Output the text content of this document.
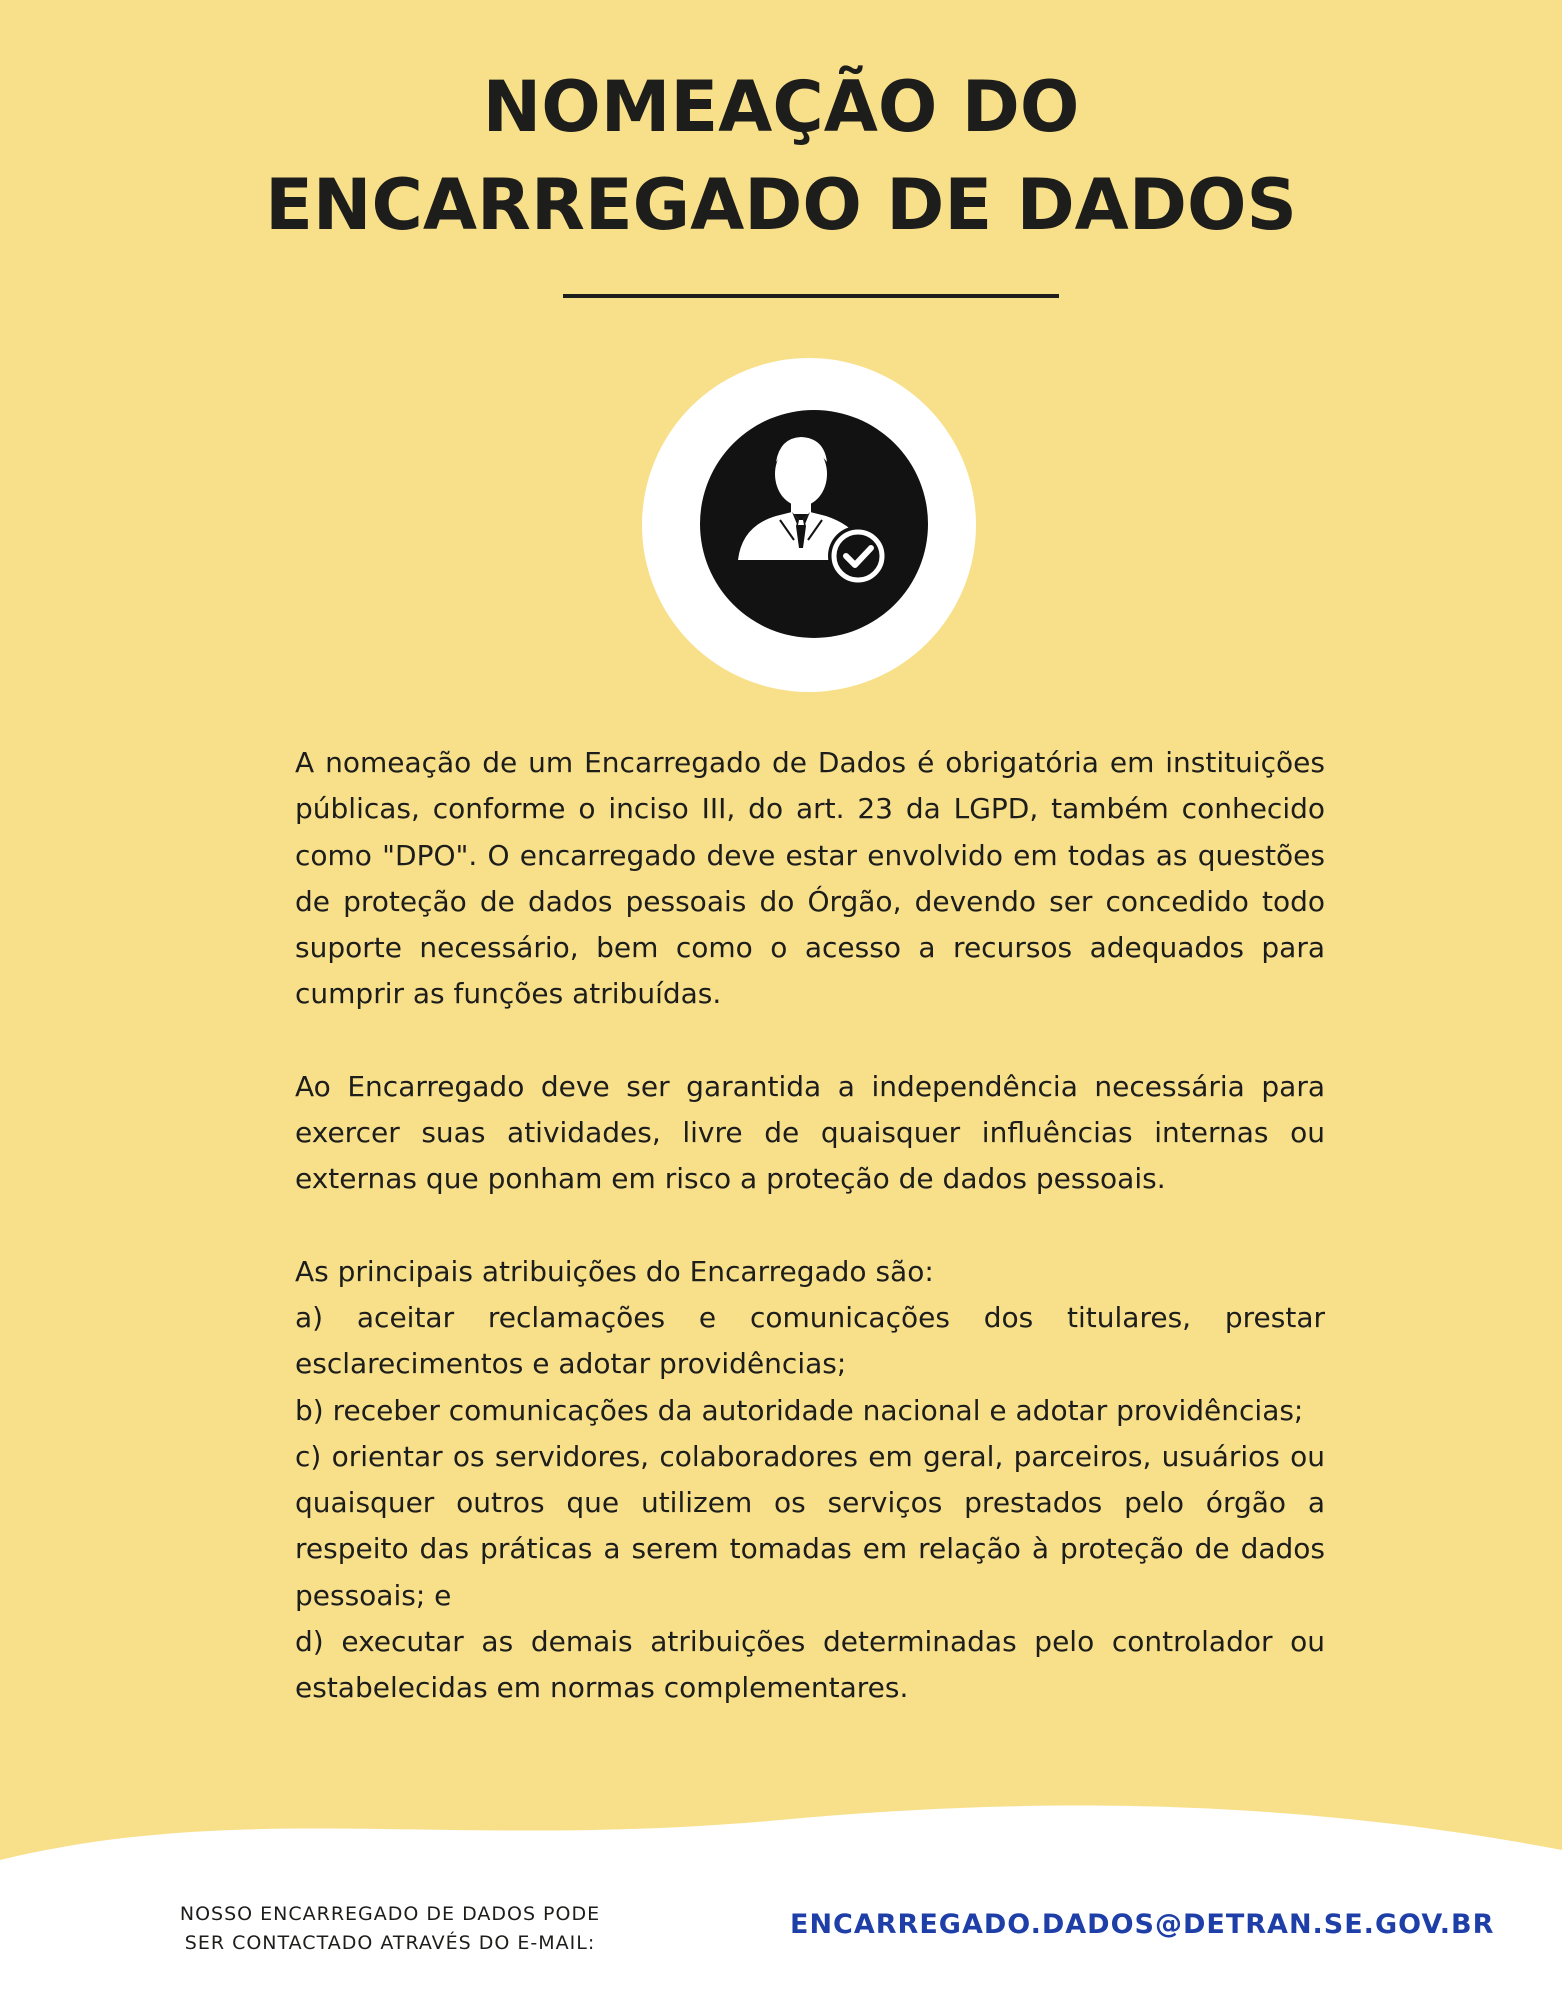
NOMEAÇÃO DO
ENCARREGADO DE DADOS

A nomeação de um Encarregado de Dados é obrigatória em instituições públicas, conforme o inciso III, do art. 23 da LGPD, também conhecido como "DPO". O encarregado deve estar envolvido em todas as questões de proteção de dados pessoais do Órgão, devendo ser concedido todo suporte necessário, bem como o acesso a recursos adequados para cumprir as funções atribuídas.

Ao Encarregado deve ser garantida a independência necessária para exercer suas atividades, livre de quaisquer influências internas ou externas que ponham em risco a proteção de dados pessoais.

As principais atribuições do Encarregado são:

a) aceitar reclamações e comunicações dos titulares, prestar esclarecimentos e adotar providências;

b) receber comunicações da autoridade nacional e adotar providências;

c) orientar os servidores, colaboradores em geral, parceiros, usuários ou quaisquer outros que utilizem os serviços prestados pelo órgão a respeito das práticas a serem tomadas em relação à proteção de dados pessoais; e

d) executar as demais atribuições determinadas pelo controlador ou estabelecidas em normas complementares.

NOSSO ENCARREGADO DE DADOS PODE
SER CONTACTADO ATRAVÉS DO E-MAIL:
ENCARREGADO.DADOS@DETRAN.SE.GOV.BR
